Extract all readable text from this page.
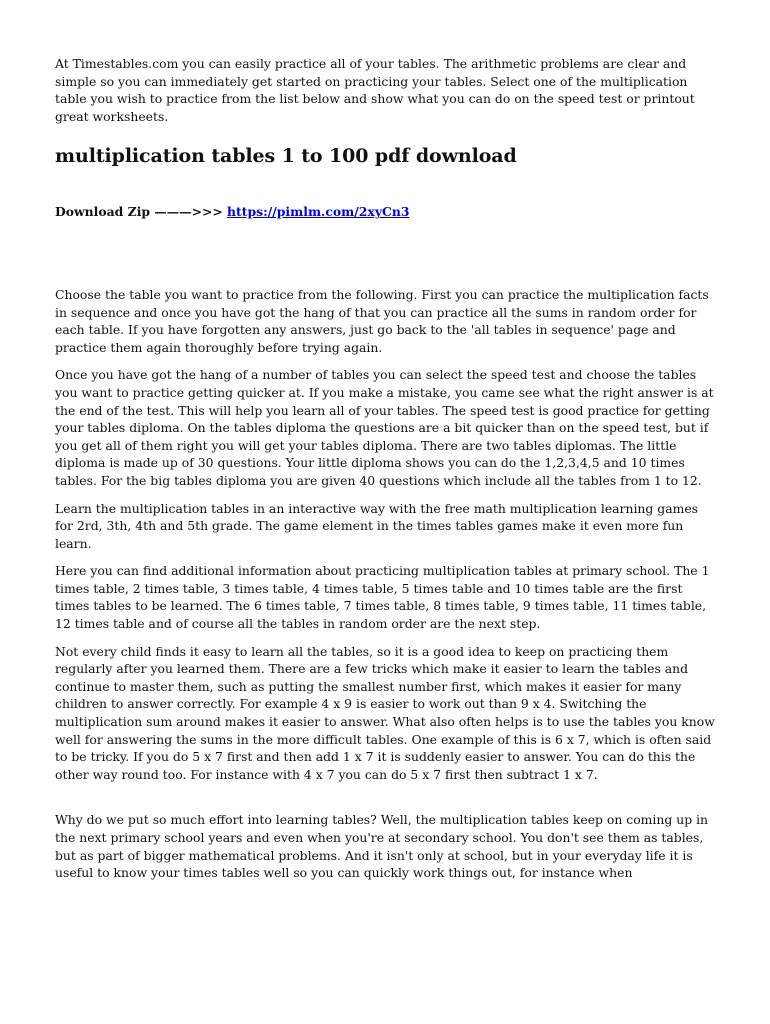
At Timestables.com you can easily practice all of your tables. The arithmetic problems are clear and simple so you can immediately get started on practicing your tables. Select one of the multiplication table you wish to practice from the list below and show what you can do on the speed test or printout great worksheets.

multiplication tables 1 to 100 pdf download
Download Zip ———>>> https://pimlm.com/2xyCn3

Choose the table you want to practice from the following. First you can practice the multiplication facts in sequence and once you have got the hang of that you can practice all the sums in random order for each table. If you have forgotten any answers, just go back to the 'all tables in sequence' page and practice them again thoroughly before trying again.

Once you have got the hang of a number of tables you can select the speed test and choose the tables you want to practice getting quicker at. If you make a mistake, you came see what the right answer is at the end of the test. This will help you learn all of your tables. The speed test is good practice for getting your tables diploma. On the tables diploma the questions are a bit quicker than on the speed test, but if you get all of them right you will get your tables diploma. There are two tables diplomas. The little diploma is made up of 30 questions. Your little diploma shows you can do the 1,2,3,4,5 and 10 times tables. For the big tables diploma you are given 40 questions which include all the tables from 1 to 12.

Learn the multiplication tables in an interactive way with the free math multiplication learning games for 2rd, 3th, 4th and 5th grade. The game element in the times tables games make it even more fun learn.

Here you can find additional information about practicing multiplication tables at primary school. The 1 times table, 2 times table, 3 times table, 4 times table, 5 times table and 10 times table are the first times tables to be learned. The 6 times table, 7 times table, 8 times table, 9 times table, 11 times table, 12 times table and of course all the tables in random order are the next step.

Not every child finds it easy to learn all the tables, so it is a good idea to keep on practicing them regularly after you learned them. There are a few tricks which make it easier to learn the tables and continue to master them, such as putting the smallest number first, which makes it easier for many children to answer correctly. For example 4 x 9 is easier to work out than 9 x 4. Switching the multiplication sum around makes it easier to answer. What also often helps is to use the tables you know well for answering the sums in the more difficult tables. One example of this is 6 x 7, which is often said to be tricky. If you do 5 x 7 first and then add 1 x 7 it is suddenly easier to answer. You can do this the other way round too. For instance with 4 x 7 you can do 5 x 7 first then subtract 1 x 7.

Why do we put so much effort into learning tables? Well, the multiplication tables keep on coming up in the next primary school years and even when you're at secondary school. You don't see them as tables, but as part of bigger mathematical problems. And it isn't only at school, but in your everyday life it is useful to know your times tables well so you can quickly work things out, for instance when
